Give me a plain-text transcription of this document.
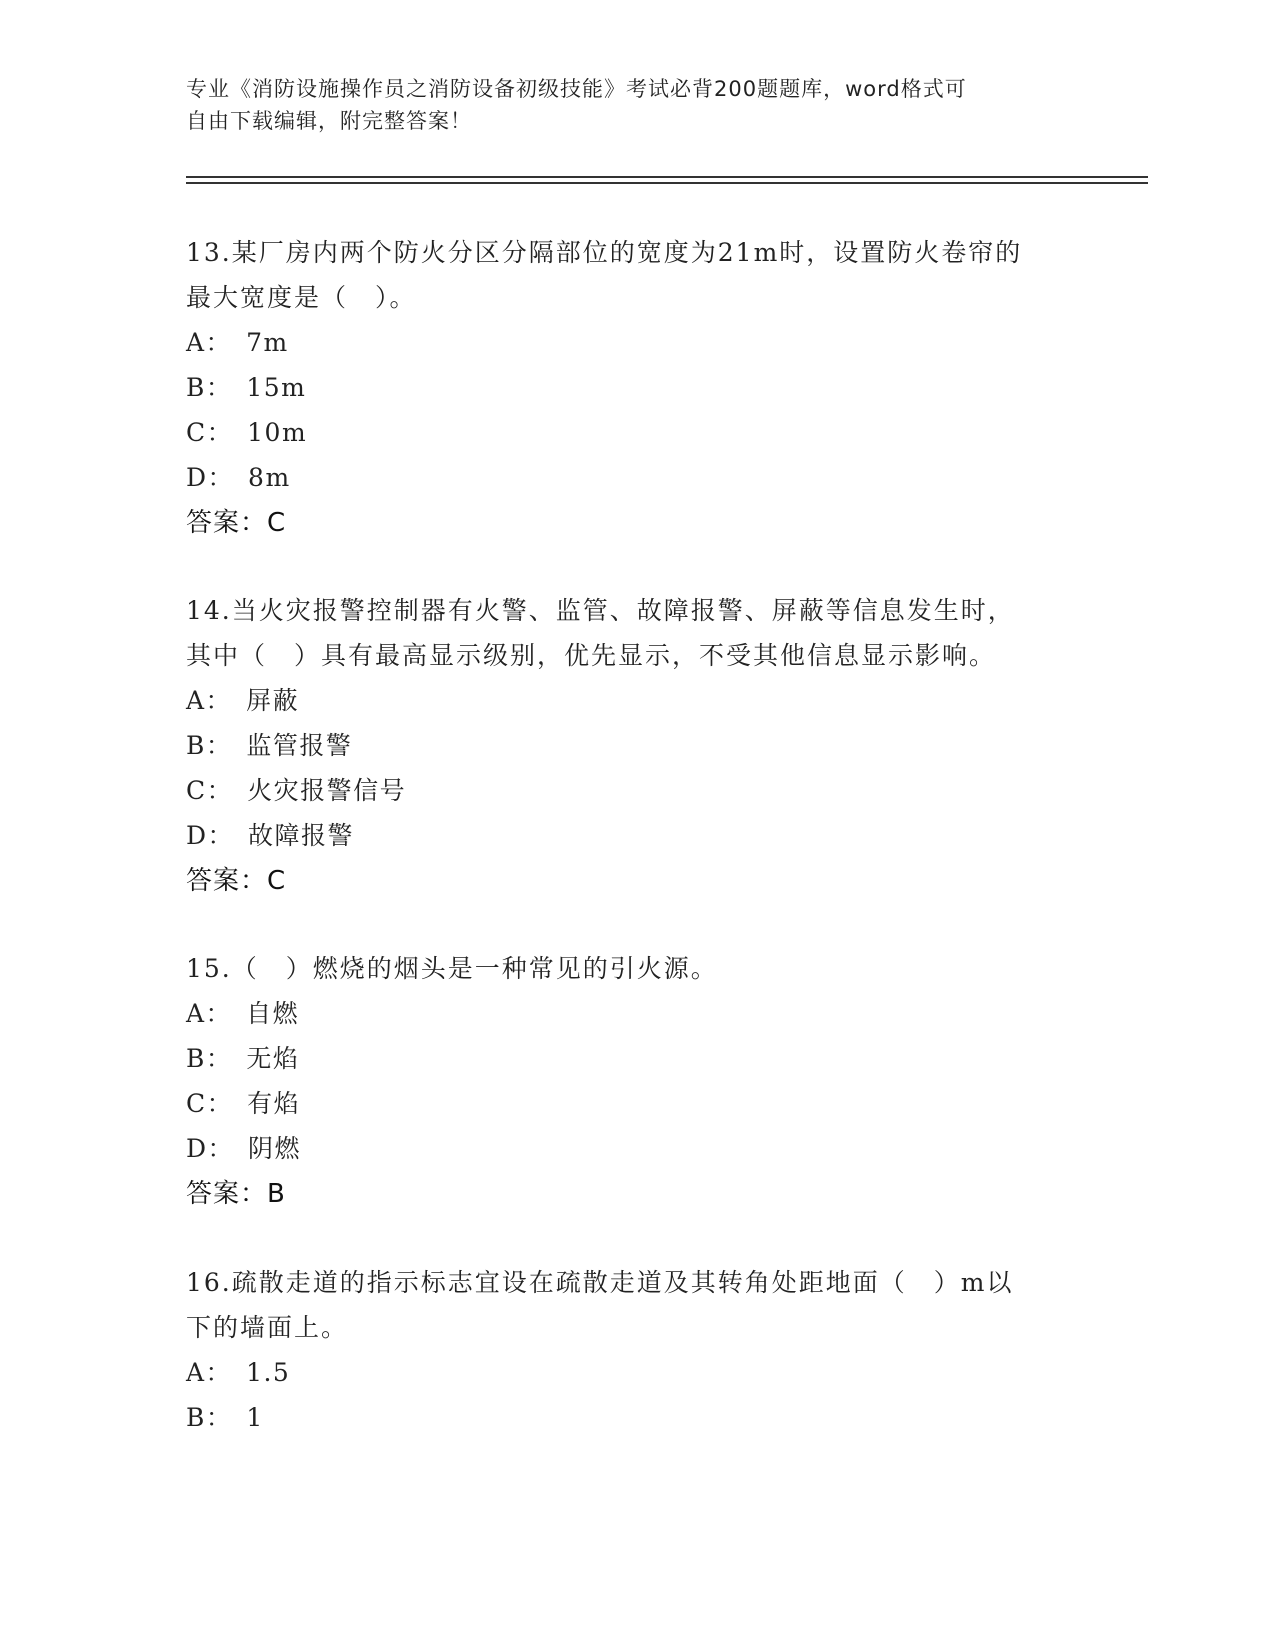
专业《消防设施操作员之消防设备初级技能》考试必背200题题库，word格式可
自由下载编辑，附完整答案！
13.某厂房内两个防火分区分隔部位的宽度为21m时，设置防火卷帘的
最大宽度是（　）。
A： 7m
B： 15m
C： 10m
D： 8m
答案：C
14.当火灾报警控制器有火警、监管、故障报警、屏蔽等信息发生时，
其中（　）具有最高显示级别，优先显示，不受其他信息显示影响。
A： 屏蔽
B： 监管报警
C： 火灾报警信号
D： 故障报警
答案：C
15.（　）燃烧的烟头是一种常见的引火源。
A： 自燃
B： 无焰
C： 有焰
D： 阴燃
答案：B
16.疏散走道的指示标志宜设在疏散走道及其转角处距地面（　）m以
下的墙面上。
A： 1.5
B： 1
